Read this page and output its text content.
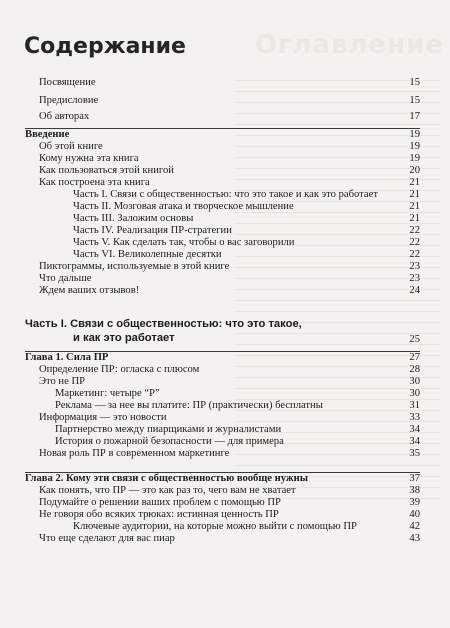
Оглавление
Содержание
Посвящение	15
Предисловие	15
Об авторах	17
Введение	19
Об этой книге	19
Кому нужна эта книга	19
Как пользоваться этой книгой	20
Как построена эта книга	21
Часть I. Связи с общественностью: что это такое и как это работает	21
Часть II. Мозговая атака и творческое мышление	21
Часть III. Заложим основы	21
Часть IV. Реализация ПР-стратегии	22
Часть V. Как сделать так, чтобы о вас заговорили	22
Часть VI. Великолепные десятки	22
Пиктограммы, используемые в этой книге	23
Что дальше	23
Ждем ваших отзывов!	24
Часть I. Связи с общественностью: что это такое,
и как это работает	25
Глава 1. Сила ПР	27
Определение ПР: оглаcка с плюсом	28
Это не ПР	30
Маркетинг: четыре “Р”	30
Реклама — за нее вы платите: ПР (практически) бесплатны	31
Информация — это новости	33
Партнерство между пиарщиками и журналистами	34
История о пожарной безопасности — для примера	34
Новая роль ПР в современном маркетинге	35
Глава 2. Кому эти связи с общественностью вообще нужны	37
Как понять, что ПР — это как раз то, чего вам не хватает	38
Подумайте о решении ваших проблем с помощью ПР	39
Не говоря обо всяких трюках: истинная ценность ПР	40
Ключевые аудитории, на которые можно выйти с помощью ПР	42
Что еще сделают для вас пиар	43
